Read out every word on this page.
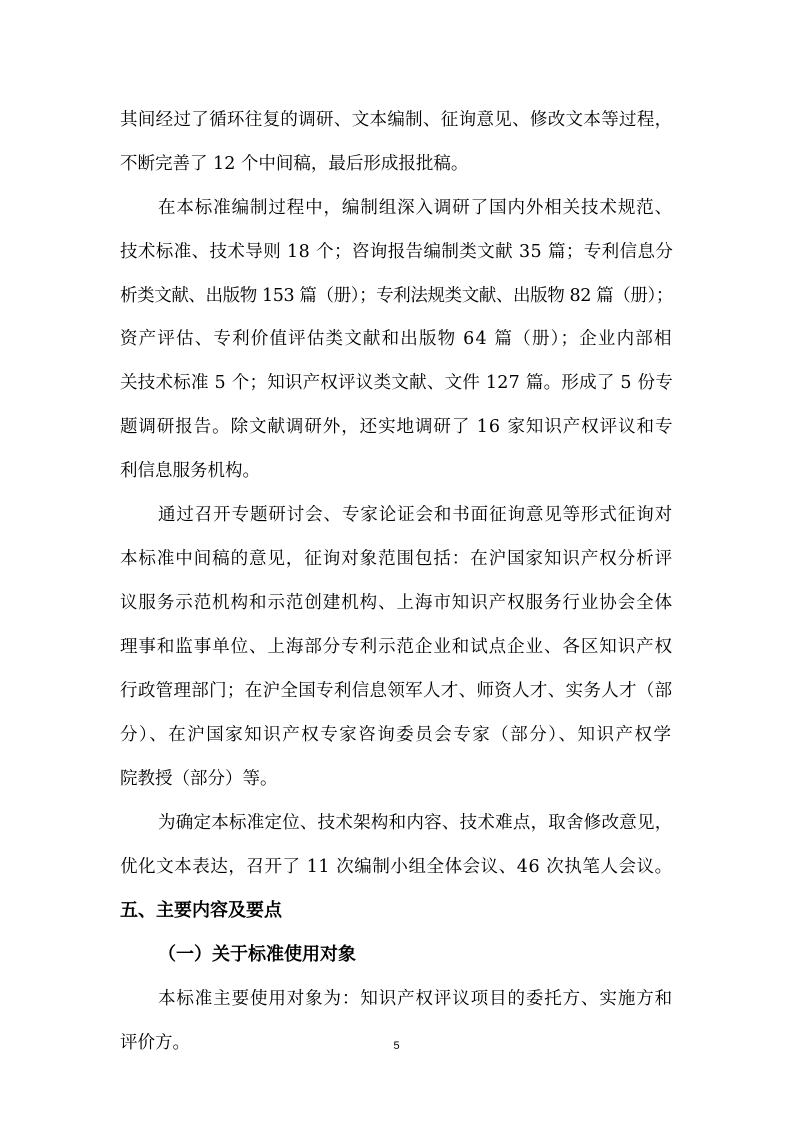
其间经过了循环往复的调研、文本编制、征询意见、修改文本等过程，
不断完善了 12 个中间稿，最后形成报批稿。
在本标准编制过程中，编制组深入调研了国内外相关技术规范、
技术标准、技术导则 18 个；咨询报告编制类文献 35 篇；专利信息分
析类文献、出版物 153 篇（册）；专利法规类文献、出版物 82 篇（册）；
资产评估、专利价值评估类文献和出版物 64 篇（册）；企业内部相
关技术标准 5 个；知识产权评议类文献、文件 127 篇。形成了 5 份专
题调研报告。除文献调研外，还实地调研了 16 家知识产权评议和专
利信息服务机构。
通过召开专题研讨会、专家论证会和书面征询意见等形式征询对
本标准中间稿的意见，征询对象范围包括：在沪国家知识产权分析评
议服务示范机构和示范创建机构、上海市知识产权服务行业协会全体
理事和监事单位、上海部分专利示范企业和试点企业、各区知识产权
行政管理部门；在沪全国专利信息领军人才、师资人才、实务人才（部
分）、在沪国家知识产权专家咨询委员会专家（部分）、知识产权学
院教授（部分）等。
为确定本标准定位、技术架构和内容、技术难点，取舍修改意见，
优化文本表达，召开了 11 次编制小组全体会议、46 次执笔人会议。
五、主要内容及要点
（一）关于标准使用对象
本标准主要使用对象为：知识产权评议项目的委托方、实施方和
评价方。	5
